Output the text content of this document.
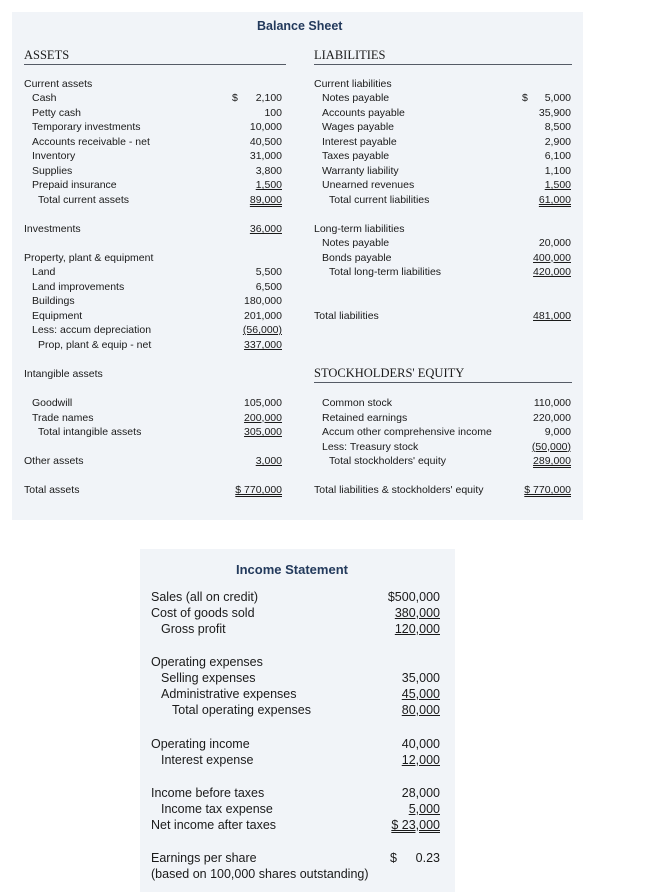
Balance Sheet
ASSETS	LIABILITIES
STOCKHOLDERS' EQUITY
Income Statement
Current assets
Cash	2,100
$
Petty cash	100
Temporary investments	10,000
Accounts receivable - net	40,500
Inventory	31,000
Supplies	3,800
Prepaid insurance	1,500
Total current assets	89,000
Investments	36,000
Property, plant & equipment
Land	5,500
Land improvements	6,500
Buildings	180,000
Equipment	201,000
Less: accum depreciation	(56,000)
Prop, plant & equip - net	337,000
Intangible assets
Goodwill	105,000
Trade names	200,000
Total intangible assets	305,000
Other assets	3,000
Total assets	$ 770,000
Current liabilities
Notes payable	5,000
$
Accounts payable	35,900
Wages payable	8,500
Interest payable	2,900
Taxes payable	6,100
Warranty liability	1,100
Unearned revenues	1,500
Total current liabilities	61,000
Long-term liabilities
Notes payable	20,000
Bonds payable	400,000
Total long-term liabilities	420,000
Total liabilities	481,000
Common stock	110,000
Retained earnings	220,000
Accum other comprehensive income	9,000
Less: Treasury stock	(50,000)
Total stockholders' equity	289,000
Total liabilities & stockholders' equity	$ 770,000
Sales (all on credit)	$500,000
Cost of goods sold	380,000
Gross profit	120,000
Operating expenses
Selling expenses	35,000
Administrative expenses	45,000
Total operating expenses	80,000
Operating income	40,000
Interest expense	12,000
Income before taxes	28,000
Income tax expense	5,000
Net income after taxes	$ 23,000
Earnings per share	$	0.23
(based on 100,000 shares outstanding)
